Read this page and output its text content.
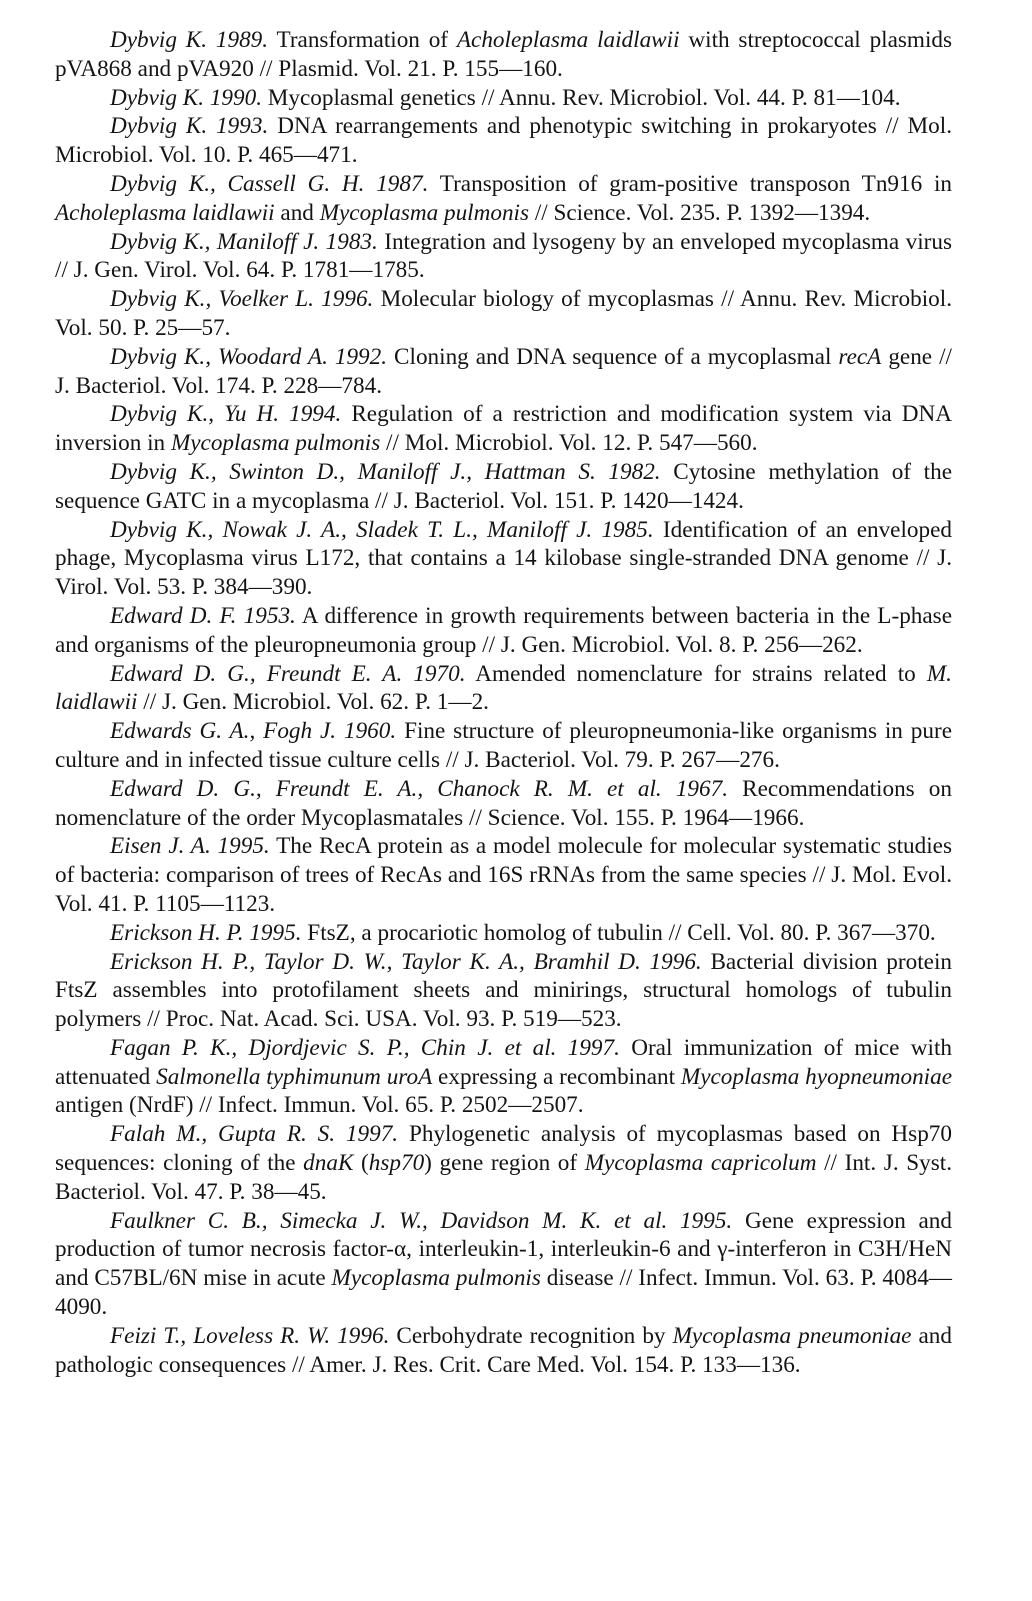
Dybvig K. 1989. Transformation of Acholeplasma laidlawii with streptococcal plasmids pVA868 and pVA920 // Plasmid. Vol. 21. P. 155—160.

Dybvig K. 1990. Mycoplasmal genetics // Annu. Rev. Microbiol. Vol. 44. P. 81—104.

Dybvig K. 1993. DNA rearrangements and phenotypic switching in prokaryotes // Mol. Microbiol. Vol. 10. P. 465—471.

Dybvig K., Cassell G. H. 1987. Transposition of gram-positive transposon Tn916 in Acholeplasma laidlawii and Mycoplasma pulmonis // Science. Vol. 235. P. 1392—1394.

Dybvig K., Maniloff J. 1983. Integration and lysogeny by an enveloped mycoplasma virus // J. Gen. Virol. Vol. 64. P. 1781—1785.

Dybvig K., Voelker L. 1996. Molecular biology of mycoplasmas // Annu. Rev. Microbiol. Vol. 50. P. 25—57.

Dybvig K., Woodard A. 1992. Cloning and DNA sequence of a mycoplasmal recA gene // J. Bacteriol. Vol. 174. P. 228—784.

Dybvig K., Yu H. 1994. Regulation of a restriction and modification system via DNA inversion in Mycoplasma pulmonis // Mol. Microbiol. Vol. 12. P. 547—560.

Dybvig K., Swinton D., Maniloff J., Hattman S. 1982. Cytosine methylation of the sequence GATC in a mycoplasma // J. Bacteriol. Vol. 151. P. 1420—1424.

Dybvig K., Nowak J. A., Sladek T. L., Maniloff J. 1985. Identification of an enveloped phage, Mycoplasma virus L172, that contains a 14 kilobase single-stranded DNA genome // J. Virol. Vol. 53. P. 384—390.

Edward D. F. 1953. A difference in growth requirements between bacteria in the L-phase and organisms of the pleuropneumonia group // J. Gen. Microbiol. Vol. 8. P. 256—262.

Edward D. G., Freundt E. A. 1970. Amended nomenclature for strains related to M. laidlawii // J. Gen. Microbiol. Vol. 62. P. 1—2.

Edwards G. A., Fogh J. 1960. Fine structure of pleuropneumonia-like organisms in pure culture and in infected tissue culture cells // J. Bacteriol. Vol. 79. P. 267—276.

Edward D. G., Freundt E. A., Chanock R. M. et al. 1967. Recommendations on nomenclature of the order Mycoplasmatales // Science. Vol. 155. P. 1964—1966.

Eisen J. A. 1995. The RecA protein as a model molecule for molecular systematic studies of bacteria: comparison of trees of RecAs and 16S rRNAs from the same species // J. Mol. Evol. Vol. 41. P. 1105—1123.

Erickson H. P. 1995. FtsZ, a procariotic homolog of tubulin // Cell. Vol. 80. P. 367—370.

Erickson H. P., Taylor D. W., Taylor K. A., Bramhil D. 1996. Bacterial division protein FtsZ assembles into protofilament sheets and minirings, structural homologs of tubulin polymers // Proc. Nat. Acad. Sci. USA. Vol. 93. P. 519—523.

Fagan P. K., Djordjevic S. P., Chin J. et al. 1997. Oral immunization of mice with attenuated Salmonella typhimunum uroA expressing a recombinant Mycoplasma hyopneumoniae antigen (NrdF) // Infect. Immun. Vol. 65. P. 2502—2507.

Falah M., Gupta R. S. 1997. Phylogenetic analysis of mycoplasmas based on Hsp70 sequences: cloning of the dnaK (hsp70) gene region of Mycoplasma capricolum // Int. J. Syst. Bacteriol. Vol. 47. P. 38—45.

Faulkner C. B., Simecka J. W., Davidson M. K. et al. 1995. Gene expression and production of tumor necrosis factor-α, interleukin-1, interleukin-6 and γ-interferon in C3H/HeN and C57BL/6N mise in acute Mycoplasma pulmonis disease // Infect. Immun. Vol. 63. P. 4084—4090.

Feizi T., Loveless R. W. 1996. Cerbohydrate recognition by Mycoplasma pneumoniae and pathologic consequences // Amer. J. Res. Crit. Care Med. Vol. 154. P. 133—136.
